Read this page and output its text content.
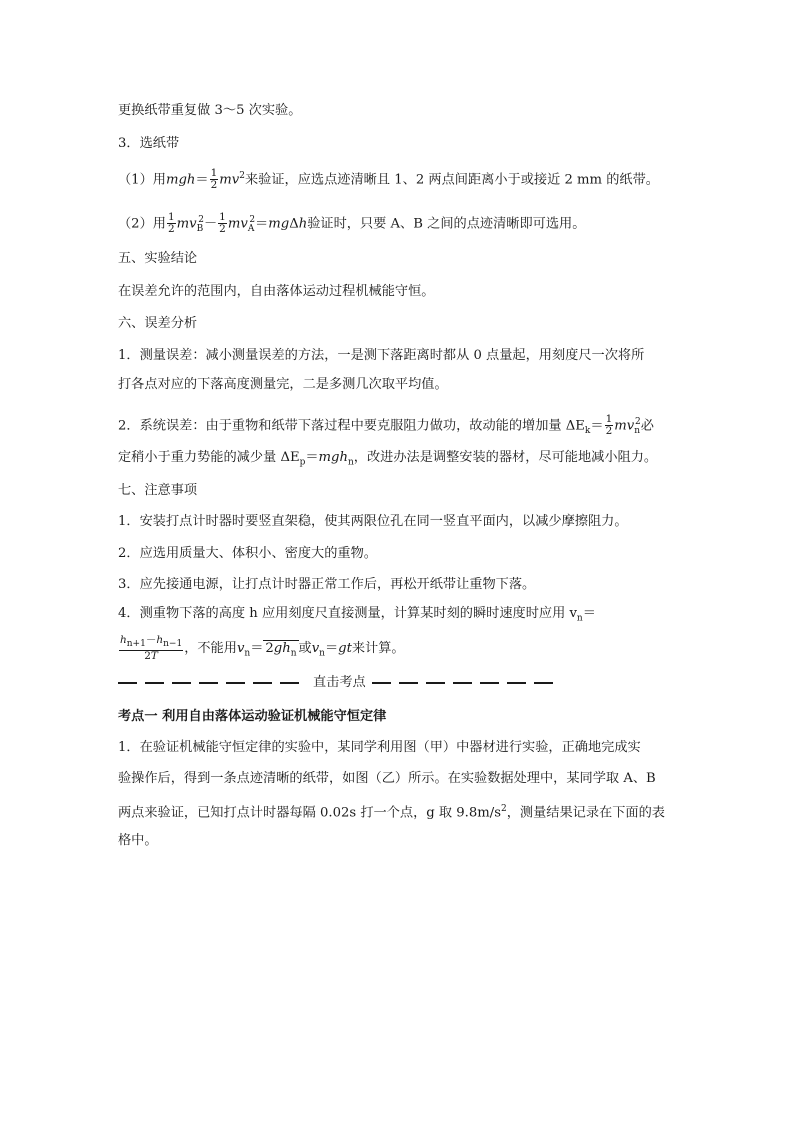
更换纸带重复做 3～5 次实验。
3．选纸带
（1）用$mgh= \frac{1}{2} mv^2$来验证，应选点迹清晰且 1、2 两点间距离小于或接近 2 mm 的纸带。
（2）用 $\frac{1}{2} mv_B^2- \frac{1}{2} mv_A^2=mg\Delta h$验证时，只要 A、B 之间的点迹清晰即可选用。
五、实验结论
在误差允许的范围内，自由落体运动过程机械能守恒。
六、误差分析
1．测量误差：减小测量误差的方法，一是测下落距离时都从 0 点量起，用刻度尺一次将所
打各点对应的下落高度测量完，二是多测几次取平均值。
2．系统误差：由于重物和纸带下落过程中要克服阻力做功，故动能的增加量 $\Delta E_k= \frac{1}{2} mv_n^2$必
定稍小于重力势能的减少量 $\Delta E_p=mgh_n$，改进办法是调整安装的器材，尽可能地减小阻力。
七、注意事项
1．安装打点计时器时要竖直架稳，使其两限位孔在同一竖直平面内，以减少摩擦阻力。
2．应选用质量大、体积小、密度大的重物。
3．应先接通电源，让打点计时器正常工作后，再松开纸带让重物下落。
4．测重物下落的高度 h 应用刻度尺直接测量，计算某时刻的瞬时速度时应用 $v_n=$
$\frac{h_{n+1}-h_{n-1}}{2T}$ ，不能用$v_n= 2gh_n$ 或$v_n=gt$来计算。
直击考点
考点一 利用自由落体运动验证机械能守恒定律
1．在验证机械能守恒定律的实验中，某同学利用图（甲）中器材进行实验，正确地完成实
验操作后，得到一条点迹清晰的纸带，如图（乙）所示。在实验数据处理中，某同学取 A、B
两点来验证，已知打点计时器每隔 0.02s 打一个点，g 取 $9.8m/s^2$，测量结果记录在下面的表
格中。
